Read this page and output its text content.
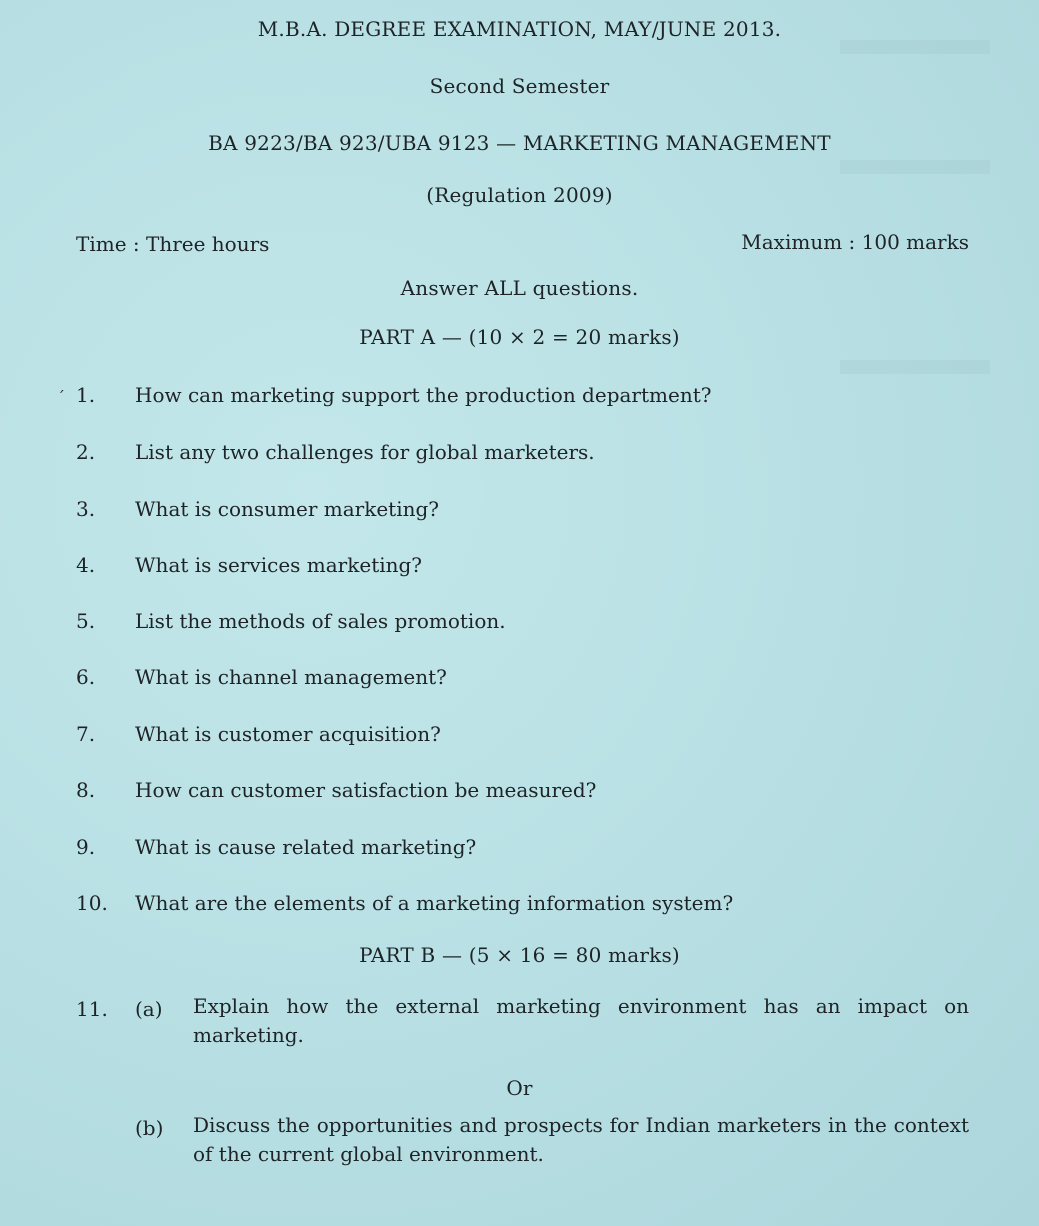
M.B.A. DEGREE EXAMINATION, MAY/JUNE 2013.
Second Semester
BA 9223/BA 923/UBA 9123 — MARKETING MANAGEMENT
(Regulation 2009)
Time : Three hours	Maximum : 100 marks
Answer ALL questions.
PART A — (10 × 2 = 20 marks)
´ 1. How can marketing support the production department?
2. List any two challenges for global marketers.
3. What is consumer marketing?
4. What is services marketing?
5. List the methods of sales promotion.
6. What is channel management?
7. What is customer acquisition?
8. How can customer satisfaction be measured?
9. What is cause related marketing?
10. What are the elements of a marketing information system?
PART B — (5 × 16 = 80 marks)
11. (a) Explain how the external marketing environment has an impact on marketing.
Or
(b) Discuss the opportunities and prospects for Indian marketers in the context of the current global environment.
